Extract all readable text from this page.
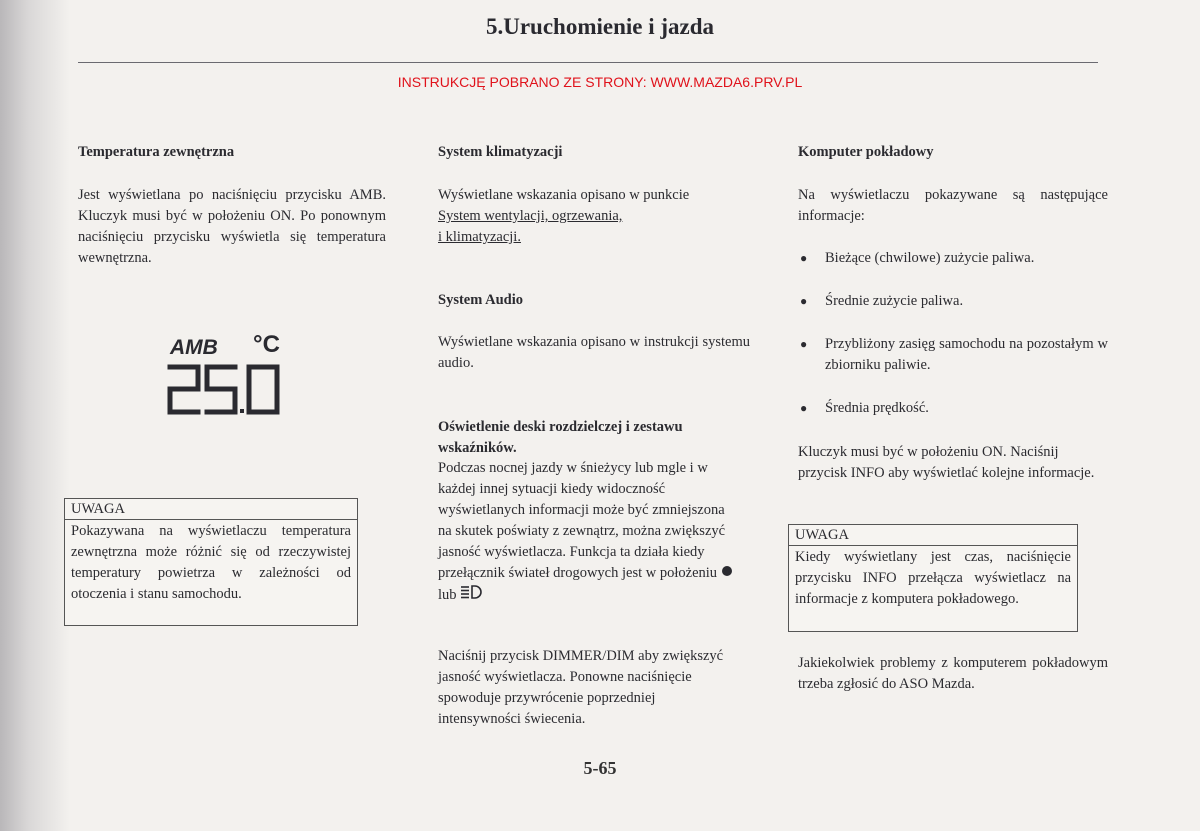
5.Uruchomienie i jazda
INSTRUKCJĘ POBRANO ZE STRONY: WWW.MAZDA6.PRV.PL
Temperatura zewnętrzna
Jest wyświetlana po naciśnięciu przycisku AMB. Kluczyk musi być w położeniu ON. Po ponownym naciśnięciu przycisku wyświetla się temperatura wewnętrzna.
AMB °C
UWAGA
Pokazywana na wyświetlaczu temperatura zewnętrzna może różnić się od rzeczywistej temperatury powietrza w zależności od otoczenia i stanu samochodu.
System klimatyzacji
Wyświetlane wskazania opisano w punkcie
System wentylacji, ogrzewania,
i klimatyzacji.
System Audio
Wyświetlane wskazania opisano w instrukcji systemu audio.
Oświetlenie deski rozdzielczej i zestawu wskaźników.
Podczas nocnej jazdy w śnieżycy lub mgle i w każdej innej sytuacji kiedy widoczność wyświetlanych informacji może być zmniejszona na skutek poświaty z zewnątrz, można zwiększyć jasność wyświetlacza. Funkcja ta działa kiedy przełącznik świateł drogowych jest w położeniu  lub
Naciśnij przycisk DIMMER/DIM aby zwiększyć jasność wyświetlacza. Ponowne naciśnięcie spowoduje przywrócenie poprzedniej intensywności świecenia.
Komputer pokładowy
Na wyświetlaczu pokazywane są następujące informacje:
● Bieżące (chwilowe) zużycie paliwa.
● Średnie zużycie paliwa.
● Przybliżony zasięg samochodu na pozostałym w zbiorniku paliwie.
● Średnia prędkość.
Kluczyk musi być w położeniu ON. Naciśnij przycisk INFO aby wyświetlać kolejne informacje.
UWAGA
Kiedy wyświetlany jest czas, naciśnięcie przycisku INFO przełącza wyświetlacz na informacje z komputera pokładowego.
Jakiekolwiek problemy z komputerem pokładowym trzeba zgłosić do ASO Mazda.
5-65
